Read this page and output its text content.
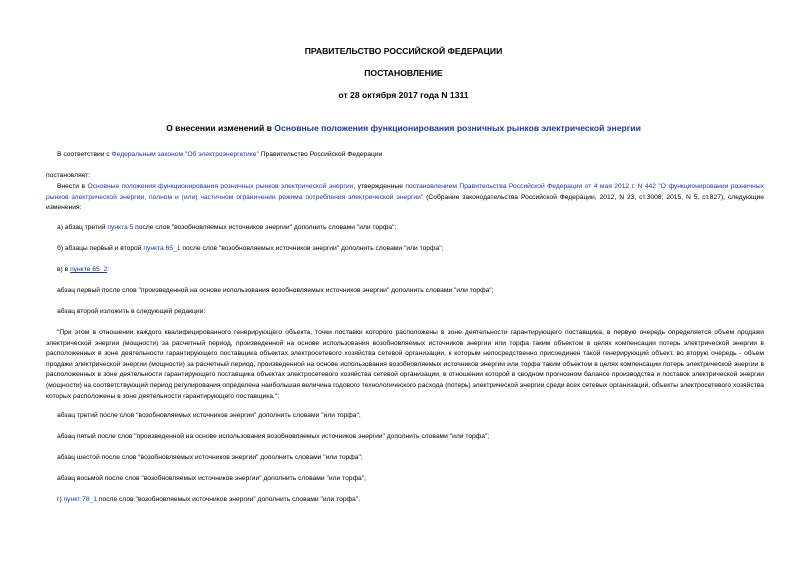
ПРАВИТЕЛЬСТВО РОССИЙСКОЙ ФЕДЕРАЦИИ
ПОСТАНОВЛЕНИЕ
от 28 октября 2017 года N 1311
О внесении изменений в Основные положения функционирования розничных рынков электрической энергии
В соответствии с Федеральным законом "Об электроэнергетике" Правительство Российской Федерации
постановляет:
Внести в Основные положения функционирования розничных рынков электрической энергии, утвержденные постановлением Правительства Российской Федерации от 4 мая 2012 г. N 442 "О функционировании розничных рынков электрической энергии, полном и (или) частичном ограничении режима потребления электрической энергии" (Собрание законодательства Российской Федерации, 2012, N 23, ст.3008; 2015, N 5, ст.827), следующие изменения:
а) абзац третий пункта 5 после слов "возобновляемых источников энергии" дополнить словами "или торфа";
б) абзацы первый и второй пункта 65_1 после слов "возобновляемых источников энергии" дополнить словами "или торфа";
в) в пункте 65_2:
абзац первый после слов "произведенной на основе использования возобновляемых источников энергии" дополнить словами "или торфа";
абзац второй изложить в следующей редакции:
"При этом в отношении каждого квалифицированного генерирующего объекта, точки поставки которого расположены в зоне деятельности гарантирующего поставщика, в первую очередь определяется объем продажи электрической энергии (мощности) за расчетный период, произведенной на основе использования возобновляемых источников энергии или торфа таким объектом в целях компенсации потерь электрической энергии в расположенных в зоне деятельности гарантирующего поставщика объектах электросетевого хозяйства сетевой организации, к которым непосредственно присоединен такой генерирующий объект, во вторую очередь - объем продажи электрической энергии (мощности) за расчетный период, произведенной на основе использования возобновляемых источников энергии или торфа таким объектом в целях компенсации потерь электрической энергии в расположенных в зоне деятельности гарантирующего поставщика объектах электросетевого хозяйства сетевой организации, в отношении которой в сводном прогнозном балансе производства и поставок электрической энергии (мощности) на соответствующий период регулирования определена наибольшая величина годового технологического расхода (потерь) электрической энергии среди всех сетевых организаций, объекты электросетевого хозяйства которых расположены в зоне деятельности гарантирующего поставщика.";
абзац третий после слов "возобновляемых источников энергии" дополнить словами "или торфа";
абзац пятый после слов "произведенной на основе использования возобновляемых источников энергии" дополнить словами "или торфа";
абзац шестой после слов "возобновляемых источников энергии" дополнить словами "или торфа";
абзац восьмой после слов "возобновляемых источников энергии" дополнить словами "или торфа";
г) пункт 78_1 после слов "возобновляемых источников энергии" дополнить словами "или торфа".
